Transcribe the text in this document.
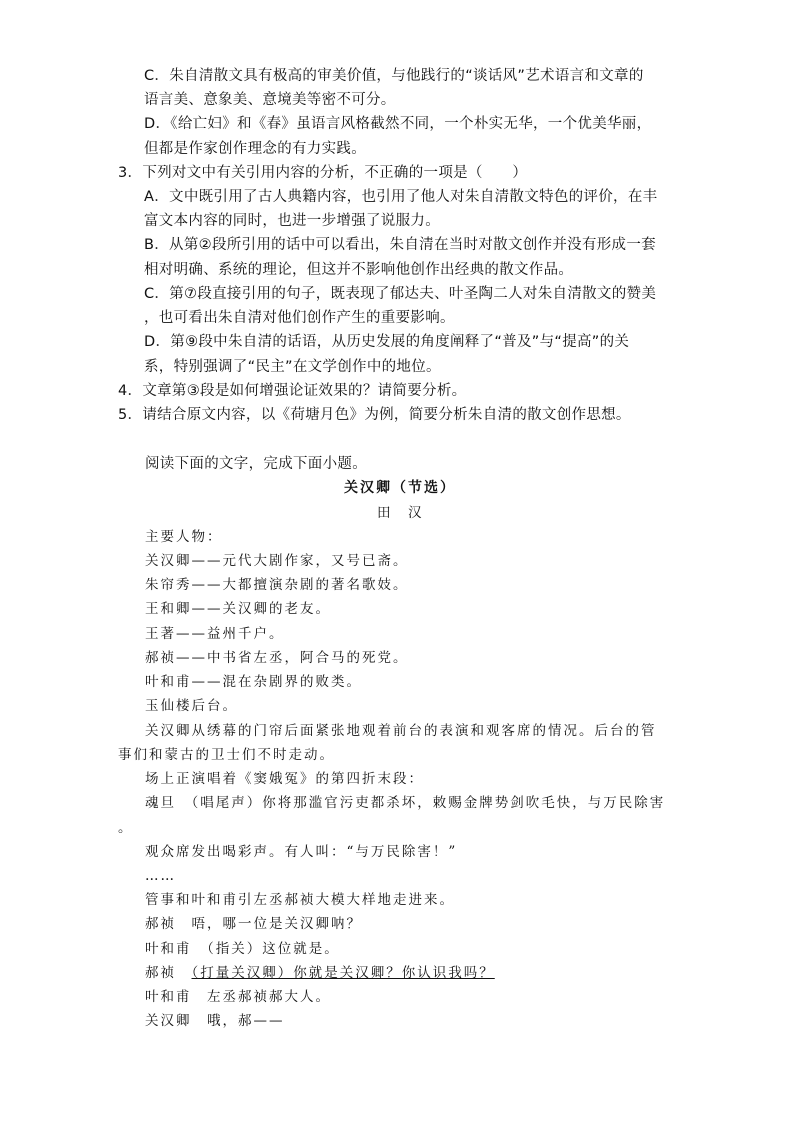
C．朱自清散文具有极高的审美价值，与他践行的“谈话风”艺术语言和文章的
语言美、意象美、意境美等密不可分。
D．《给亡妇》和《春》虽语言风格截然不同，一个朴实无华，一个优美华丽，
但都是作家创作理念的有力实践。
3．下列对文中有关引用内容的分析，不正确的一项是（　　）
A．文中既引用了古人典籍内容，也引用了他人对朱自清散文特色的评价，在丰
富文本内容的同时，也进一步增强了说服力。
B．从第②段所引用的话中可以看出，朱自清在当时对散文创作并没有形成一套
相对明确、系统的理论，但这并不影响他创作出经典的散文作品。
C．第⑦段直接引用的句子，既表现了郁达夫、叶圣陶二人对朱自清散文的赞美
，也可看出朱自清对他们创作产生的重要影响。
D．第⑨段中朱自清的话语，从历史发展的角度阐释了“普及”与“提高”的关
系，特别强调了“民主”在文学创作中的地位。
4．文章第③段是如何增强论证效果的？请简要分析。
5．请结合原文内容，以《荷塘月色》为例，简要分析朱自清的散文创作思想。
阅读下面的文字，完成下面小题。
关汉卿（节选）
田　汉
主要人物：
关汉卿——元代大剧作家，又号已斋。
朱帘秀——大都擅演杂剧的著名歌妓。
王和卿——关汉卿的老友。
王著——益州千户。
郝祯——中书省左丞，阿合马的死党。
叶和甫——混在杂剧界的败类。
玉仙楼后台。
关汉卿从绣幕的门帘后面紧张地观着前台的表演和观客席的情况。后台的管
事们和蒙古的卫士们不时走动。
场上正演唱着《窦娥冤》的第四折末段：
魂旦　（唱尾声）你将那滥官污吏都杀坏，敕赐金牌势剑吹毛快，与万民除害
。
观众席发出喝彩声。有人叫：“与万民除害！”
……
管事和叶和甫引左丞郝祯大模大样地走进来。
郝祯　唔，哪一位是关汉卿呐？
叶和甫　（指关）这位就是。
郝祯　（打量关汉卿）你就是关汉卿？你认识我吗？
叶和甫　左丞郝祯郝大人。
关汉卿　哦，郝——
